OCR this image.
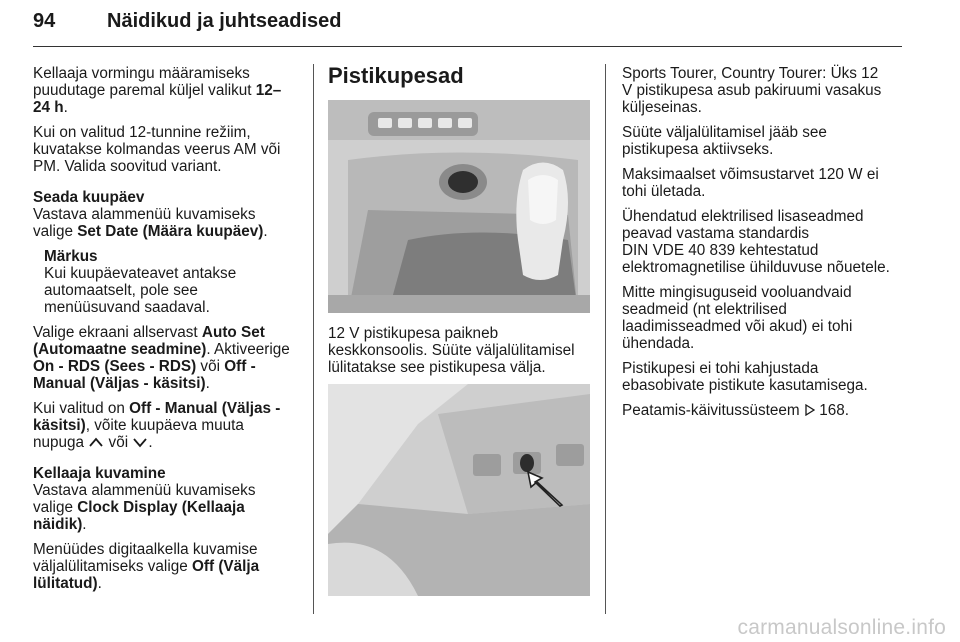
94	Näidikud ja juhtseadised

Kellaaja vormingu määramiseks puudutage paremal küljel valikut 12– 24 h.

Kui on valitud 12-tunnine režiim, kuvatakse kolmandas veerus AM või PM. Valida soovitud variant.

Seada kuupäev
Vastava alammenüü kuvamiseks valige Set Date (Määra kuupäev).

Märkus
Kui kuupäevateavet antakse automaatselt, pole see menüüsuvand saadaval.

Valige ekraani allservast Auto Set (Automaatne seadmine). Aktiveerige On - RDS (Sees - RDS) või Off - Manual (Väljas - käsitsi).

Kui valitud on Off - Manual (Väljas - käsitsi), võite kuupäeva muuta nupuga  või .

Kellaaja kuvamine
Vastava alammenüü kuvamiseks valige Clock Display (Kellaaja näidik).

Menüüdes digitaalkella kuvamise väljalülitamiseks valige Off (Välja lülitatud).

Pistikupesad

12 V pistikupesa paikneb keskkonsoolis. Süüte väljalülitamisel lülitatakse see pistikupesa välja.

Sports Tourer, Country Tourer: Üks 12 V pistikupesa asub pakiruumi vasakus küljeseinas.

Süüte väljalülitamisel jääb see pistikupesa aktiivseks.

Maksimaalset võimsustarvet 120 W ei tohi ületada.

Ühendatud elektrilised lisaseadmed peavad vastama standardis
DIN VDE 40 839 kehtestatud elektromagnetilise ühilduvuse nõuetele.

Mitte mingisuguseid vooluandvaid seadmeid (nt elektrilised laadimisseadmed või akud) ei tohi ühendada.

Pistikupesi ei tohi kahjustada ebasobivate pistikute kasutamisega.

Peatamis-käivitussüsteem  168.

carmanualsonline.info
